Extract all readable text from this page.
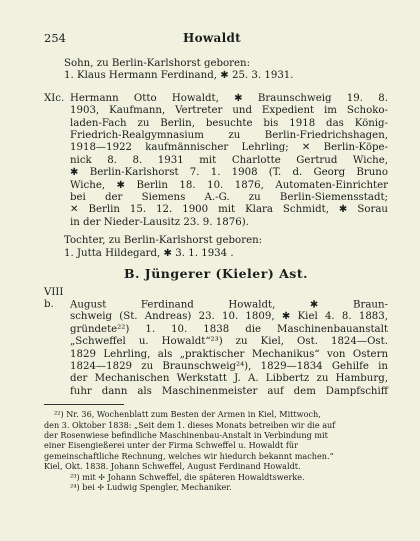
254	Howaldt
Sohn, zu Berlin-Karlshorst geboren:
1. Klaus Hermann Ferdinand, ✱ 25. 3. 1931.
XIc. Hermann Otto Howaldt, ✱ Braunschweig 19. 8.
1903, Kaufmann, Vertreter und Expedient im Schoko-
laden-Fach zu Berlin, besuchte bis 1918 das König-
Friedrich-Realgymnasium zu Berlin-Friedrichshagen,
1918—1922 kaufmännischer Lehrling; ✕ Berlin-Köpe-
nick 8. 8. 1931 mit Charlotte Gertrud Wiche,
✱ Berlin-Karlshorst 7. 1. 1908 (T. d. Georg Bruno
Wiche, ✱ Berlin 18. 10. 1876, Automaten-Einrichter
bei der Siemens A.-G. zu Berlin-Siemensstadt;
✕ Berlin 15. 12. 1900 mit Klara Schmidt, ✱ Sorau
in der Nieder-Lausitz 23. 9. 1876).
Tochter, zu Berlin-Karlshorst geboren:
1. Jutta Hildegard, ✱ 3. 1. 1934 .
B. Jüngerer (Kieler) Ast.
VIII b. August Ferdinand Howaldt, ✱ Braun-
schweig (St. Andreas) 23. 10. 1809, ✱ Kiel 4. 8. 1883,
gründete²²) 1. 10. 1838 die Maschinenbauanstalt
„Schweffel u. Howaldt“²³) zu Kiel, Ost. 1824—Ost.
1829 Lehrling, als „praktischer Mechanikus“ von Ostern
1824—1829 zu Braunschweig²⁴), 1829—1834 Gehilfe in
der Mechanischen Werkstatt J. A. Libbertz zu Hamburg,
fuhr dann als Maschinenmeister auf dem Dampfschiff
²²) Nr. 36, Wochenblatt zum Besten der Armen in Kiel, Mittwoch,
den 3. Oktober 1838: „Seit dem 1. dieses Monats betreiben wir die auf
der Rosenwiese befindliche Maschinenbau-Anstalt in Verbindung mit
einer Eisengießerei unter der Firma Schweffel u. Howaldt für
gemeinschaftliche Rechnung, welches wir hiedurch bekannt machen.“
Kiel, Okt. 1838. Johann Schweffel, August Ferdinand Howaldt.
²³) mit ✢ Johann Schweffel, die späteren Howaldtswerke.
²⁴) bei ✢ Ludwig Spengler, Mechaniker.
